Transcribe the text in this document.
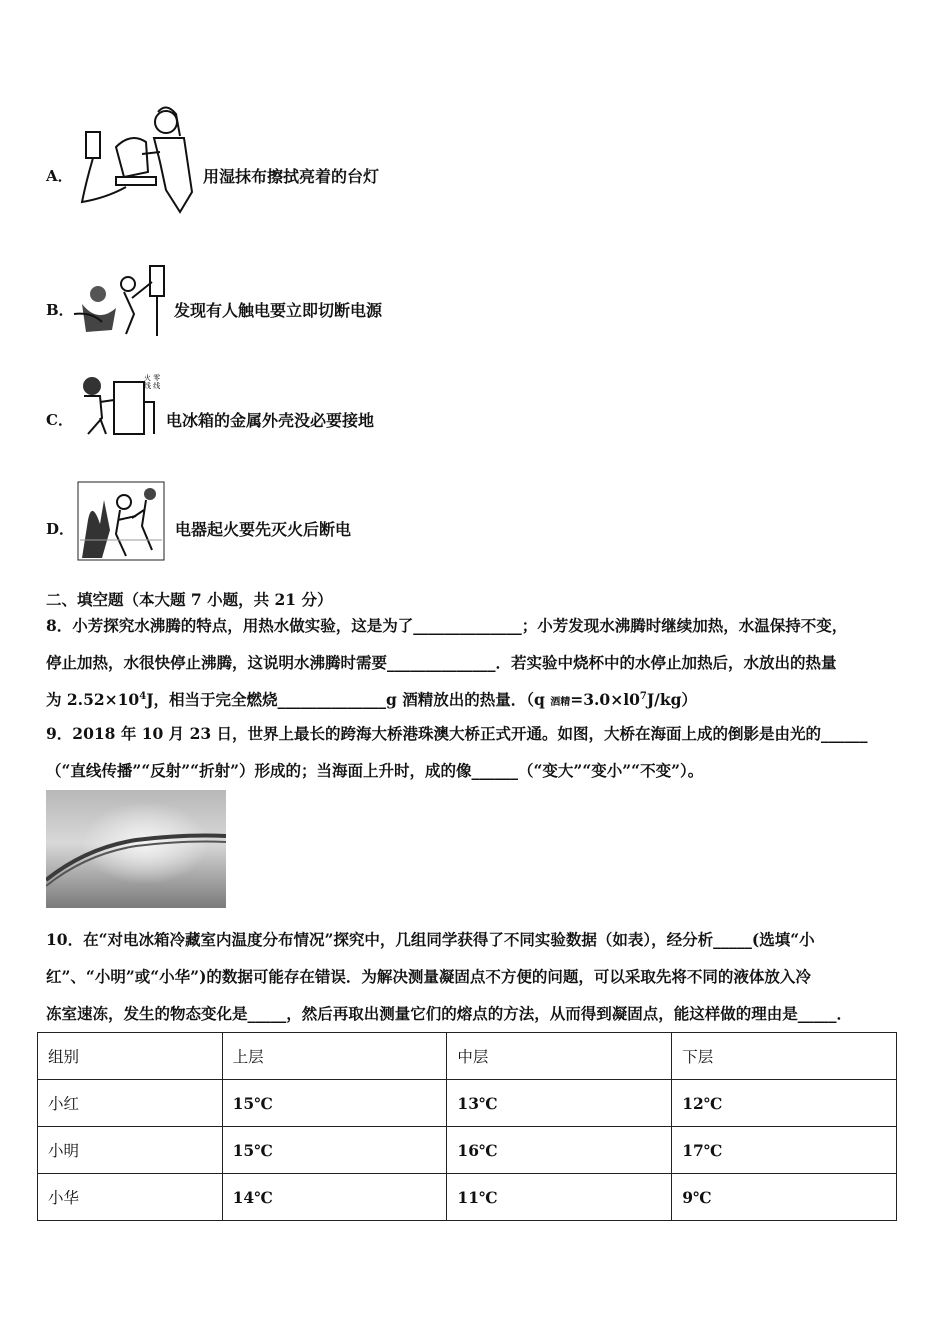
A．	用湿抹布擦拭亮着的台灯
B．	发现有人触电要立即切断电源
C．
火 零
线 线
电冰箱的金属外壳没必要接地
D．	电器起火要先灭火后断电
二、填空题（本大题 7 小题，共 21 分）
8．小芳探究水沸腾的特点，用热水做实验，这是为了______________；小芳发现水沸腾时继续加热，水温保持不变，
停止加热，水很快停止沸腾，这说明水沸腾时需要______________．若实验中烧杯中的水停止加热后，水放出的热量
为 $2.52\times 10^4J$，相当于完全燃烧______________g 酒精放出的热量．（q 酒精$=3.0\times l0^7J/kg$）
9．2018 年 10 月 23 日，世界上最长的跨海大桥港珠澳大桥正式开通。如图，大桥在海面上成的倒影是由光的______
（“直线传播”“反射”“折射”）形成的；当海面上升时，成的像______（“变大”“变小”“不变”）。
10．在“对电冰箱冷藏室内温度分布情况”探究中，几组同学获得了不同实验数据（如表），经分析_____(选填“小
红”、“小明”或“小华”)的数据可能存在错误．为解决测量凝固点不方便的问题，可以采取先将不同的液体放入冷
冻室速冻，发生的物态变化是_____，然后再取出测量它们的熔点的方法，从而得到凝固点，能这样做的理由是_____．
组别	上层	中层	下层
小红	15℃	13℃	12℃
小明	15℃	16℃	17℃
小华	14℃	11℃	9℃
